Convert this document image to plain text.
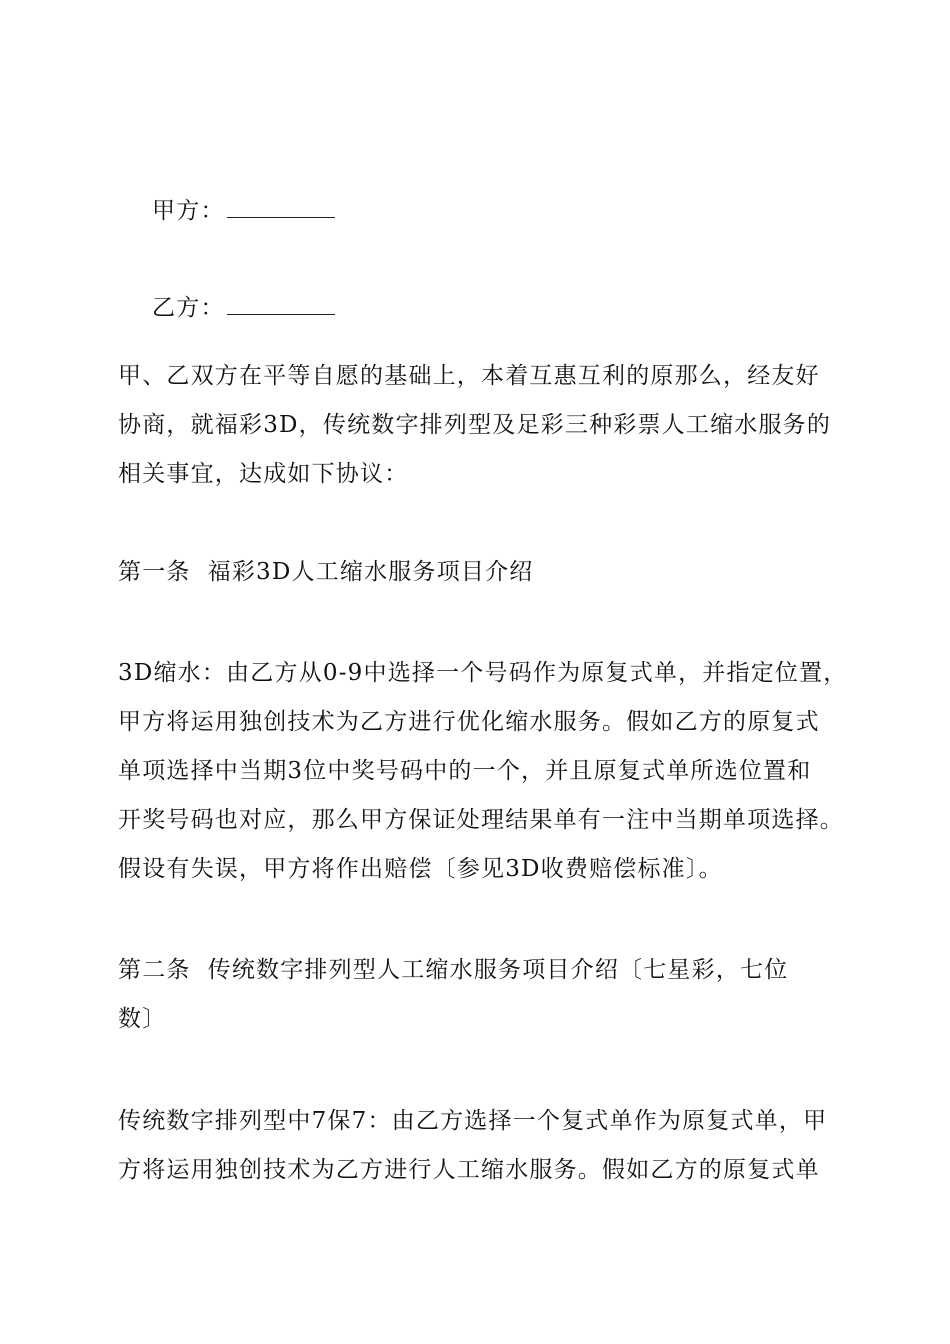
甲方：

乙方：

甲、乙双方在平等自愿的基础上，本着互惠互利的原那么，经友好
协商，就福彩3D，传统数字排列型及足彩三种彩票人工缩水服务的
相关事宜，达成如下协议：
第一条  福彩3D人工缩水服务项目介绍
3D缩水：由乙方从0-9中选择一个号码作为原复式单，并指定位置，
甲方将运用独创技术为乙方进行优化缩水服务。假如乙方的原复式
单项选择中当期3位中奖号码中的一个，并且原复式单所选位置和
开奖号码也对应，那么甲方保证处理结果单有一注中当期单项选择。
假设有失误，甲方将作出赔偿〔参见3D收费赔偿标准〕。
第二条  传统数字排列型人工缩水服务项目介绍〔七星彩，七位
数〕
传统数字排列型中7保7：由乙方选择一个复式单作为原复式单，甲
方将运用独创技术为乙方进行人工缩水服务。假如乙方的原复式单
